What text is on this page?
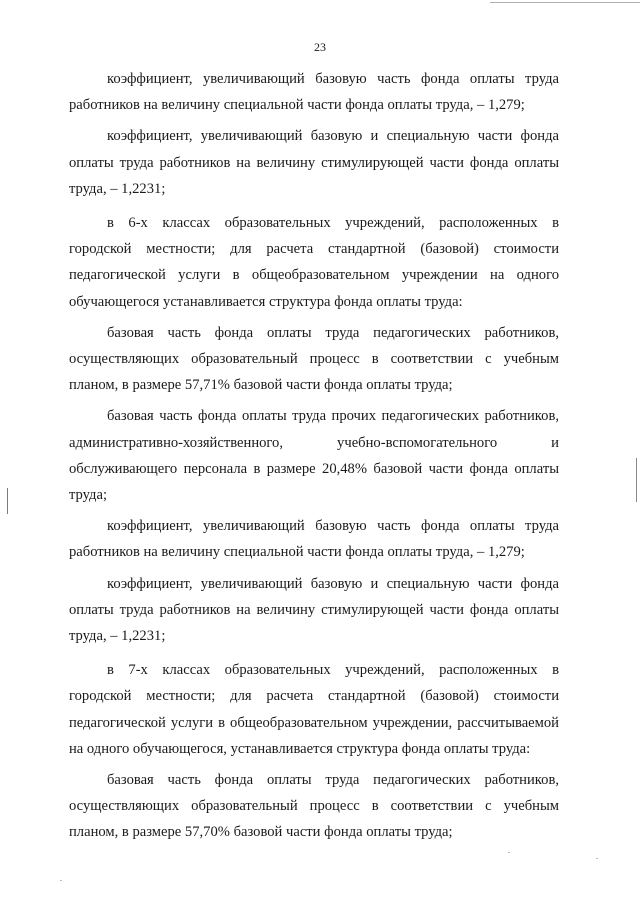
23

коэффициент, увеличивающий базовую часть фонда оплаты труда работников на величину специальной части фонда оплаты труда, – 1,279;

коэффициент, увеличивающий базовую и специальную части фонда оплаты труда работников на величину стимулирующей части фонда оплаты труда, – 1,2231;

в 6-х классах образовательных учреждений, расположенных в городской местности; для расчета стандартной (базовой) стоимости педагогической услуги в общеобразовательном учреждении на одного обучающегося устанавливается структура фонда оплаты труда:

базовая часть фонда оплаты труда педагогических работников, осуществляющих образовательный процесс в соответствии с учебным планом, в размере 57,71% базовой части фонда оплаты труда;

базовая часть фонда оплаты труда прочих педагогических работников, административно-хозяйственного, учебно-вспомогательного и обслуживающего персонала в размере 20,48% базовой части фонда оплаты труда;

коэффициент, увеличивающий базовую часть фонда оплаты труда работников на величину специальной части фонда оплаты труда, – 1,279;

коэффициент, увеличивающий базовую и специальную части фонда оплаты труда работников на величину стимулирующей части фонда оплаты труда, – 1,2231;

в 7-х классах образовательных учреждений, расположенных в городской местности; для расчета стандартной (базовой) стоимости педагогической услуги в общеобразовательном учреждении, рассчитываемой на одного обучающегося, устанавливается структура фонда оплаты труда:

базовая часть фонда оплаты труда педагогических работников, осуществляющих образовательный процесс в соответствии с учебным планом, в размере 57,70% базовой части фонда оплаты труда;
